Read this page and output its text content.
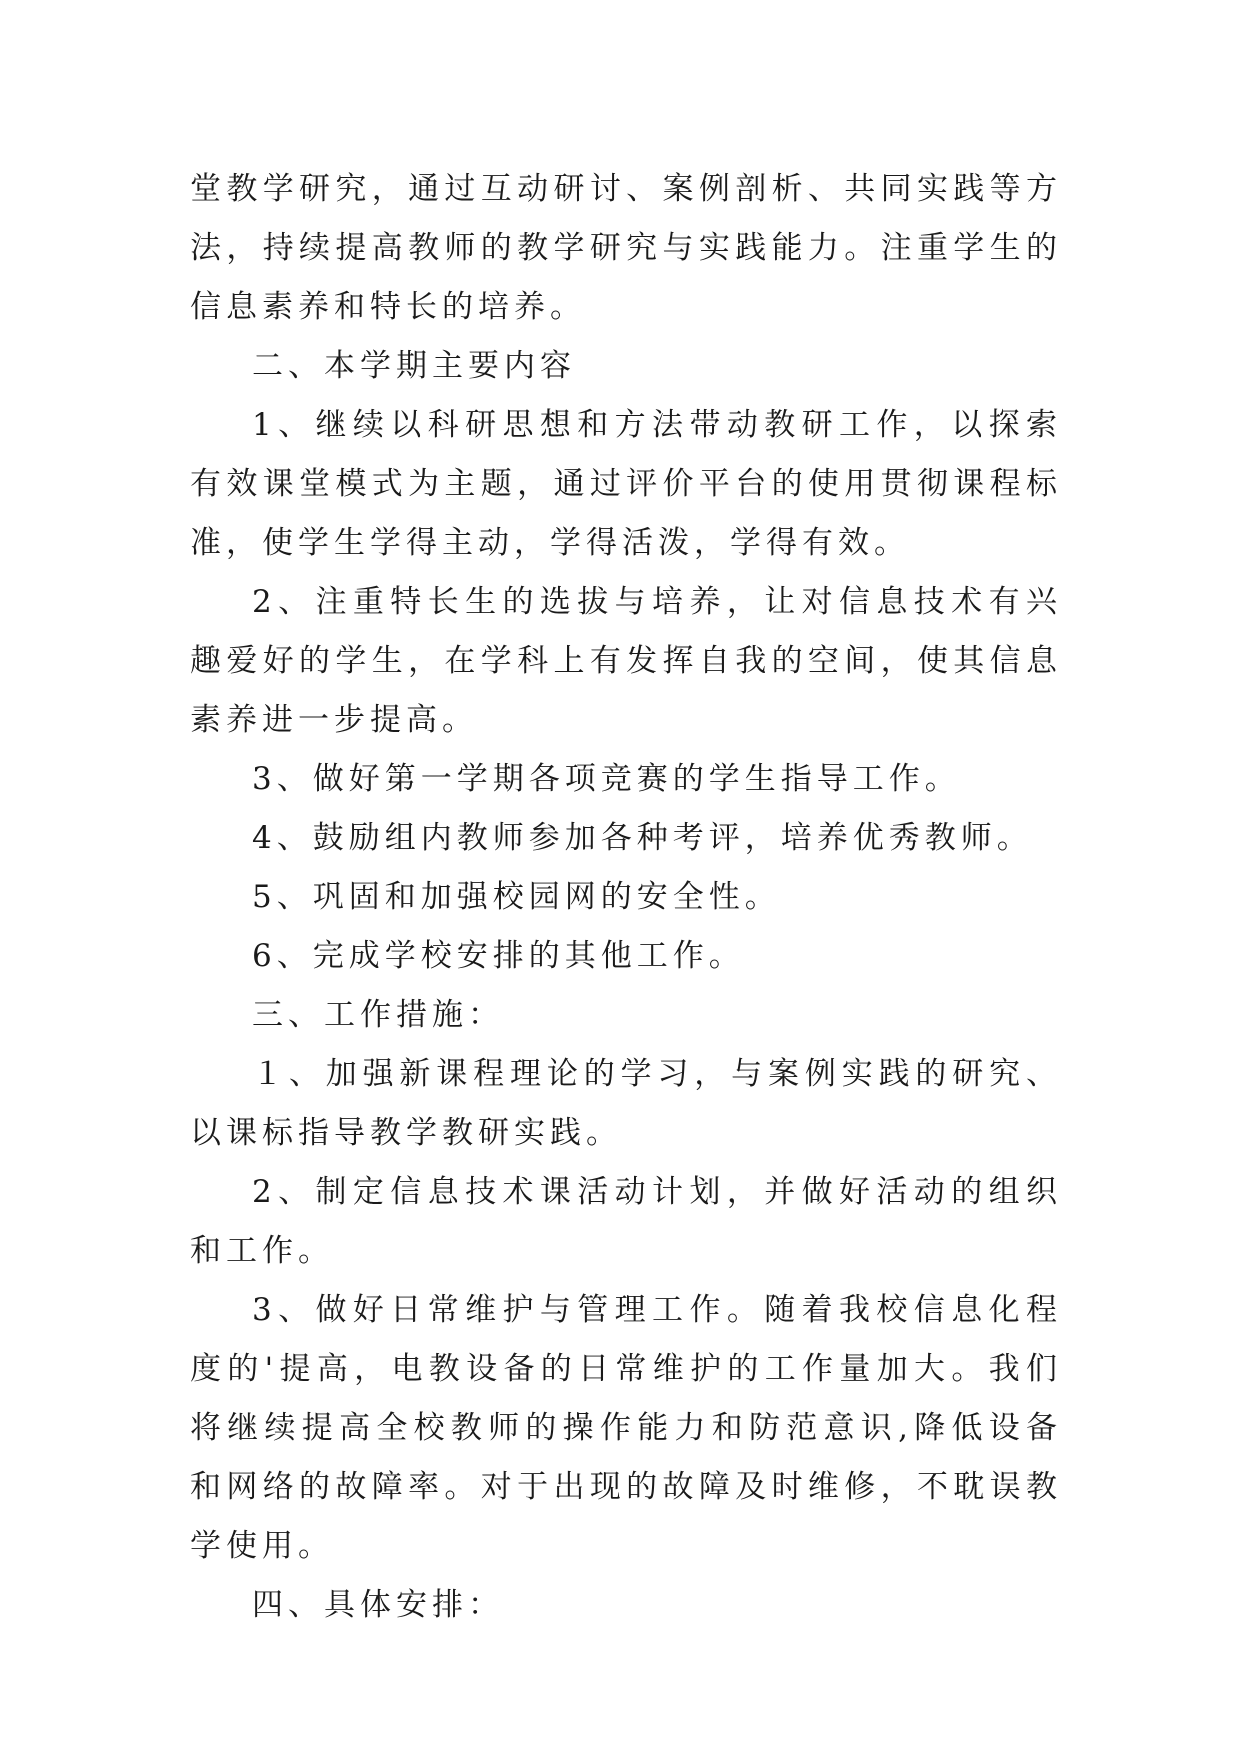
堂教学研究，通过互动研讨、案例剖析、共同实践等方法，持续提高教师的教学研究与实践能力。注重学生的信息素养和特长的培养。

二、本学期主要内容

1、继续以科研思想和方法带动教研工作，以探索有效课堂模式为主题，通过评价平台的使用贯彻课程标准，使学生学得主动，学得活泼，学得有效。

2、注重特长生的选拔与培养，让对信息技术有兴趣爱好的学生，在学科上有发挥自我的空间，使其信息素养进一步提高。

3、做好第一学期各项竞赛的学生指导工作。

4、鼓励组内教师参加各种考评，培养优秀教师。

5、巩固和加强校园网的安全性。

6、完成学校安排的其他工作。

三、工作措施：

１、加强新课程理论的学习，与案例实践的研究、以课标指导教学教研实践。

2、制定信息技术课活动计划，并做好活动的组织和工作。

3、做好日常维护与管理工作。随着我校信息化程度的'提高，电教设备的日常维护的工作量加大。我们将继续提高全校教师的操作能力和防范意识,降低设备和网络的故障率。对于出现的故障及时维修，不耽误教学使用。

四、具体安排：
